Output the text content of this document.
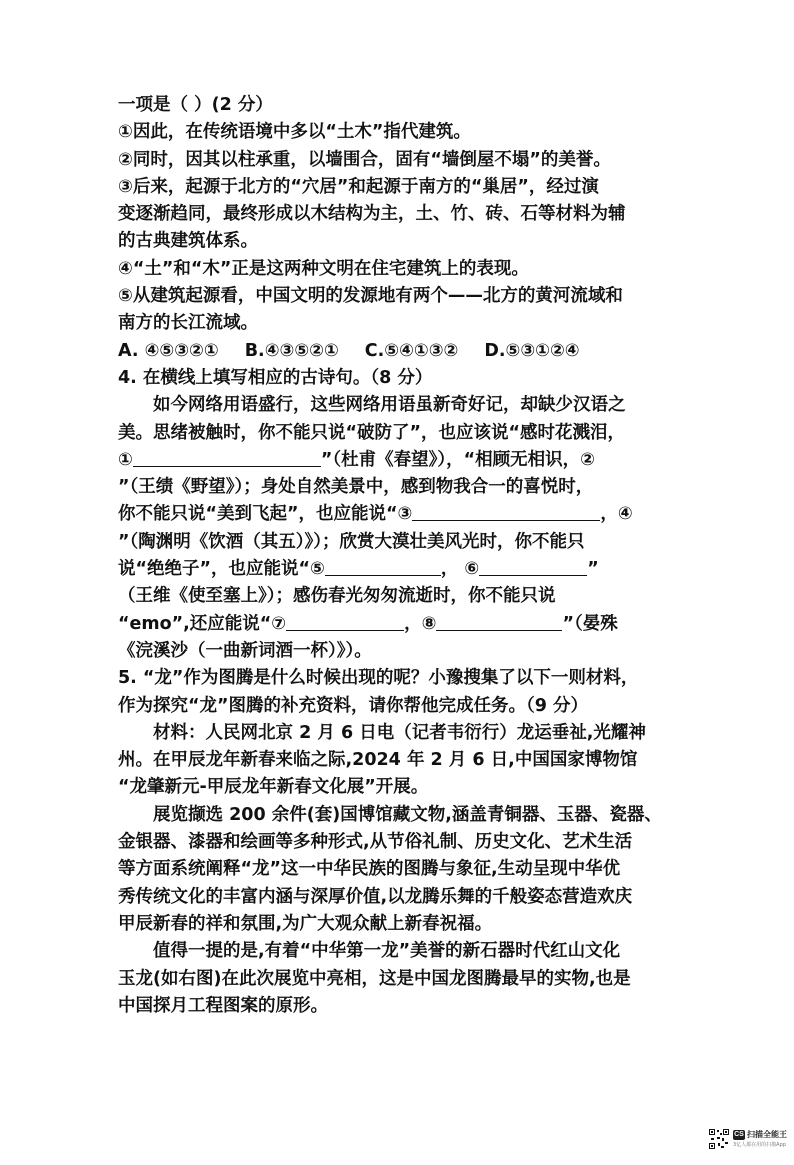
一项是（ ）(2 分）
①因此，在传统语境中多以“土木”指代建筑。
②同时，因其以柱承重，以墙围合，固有“墙倒屋不塌”的美誉。
③后来，起源于北方的“穴居”和起源于南方的“巢居”，经过演
变逐渐趋同，最终形成以木结构为主，土、竹、砖、石等材料为辅
的古典建筑体系。
④“土”和“木”正是这两种文明在住宅建筑上的表现。
⑤从建筑起源看，中国文明的发源地有两个——北方的黄河流域和
南方的长江流域。
A. ④⑤③②① B.④③⑤②① C.⑤④①③② D.⑤③①②④
4. 在横线上填写相应的古诗句。（8 分）
如今网络用语盛行，这些网络用语虽新奇好记，却缺少汉语之
美。思绪被触时，你不能只说“破防了”，也应该说“感时花溅泪，
①	”（杜甫《春望》），“相顾无相识，②
”（王绩《野望》）；身处自然美景中，感到物我合一的喜悦时，
你不能只说“美到飞起”，也应能说“③	，④
”（陶渊明《饮酒（其五）》）；欣赏大漠壮美风光时，你不能只
说“绝绝子”，也应能说“⑤	， ⑥	”
（王维《使至塞上》）；感伤春光匆匆流逝时，你不能只说
“emo”,还应能说“⑦	，⑧	”（晏殊
《浣溪沙（一曲新词酒一杯）》）。
5. “龙”作为图腾是什么时候出现的呢？小豫搜集了以下一则材料，
作为探究“龙”图腾的补充资料，请你帮他完成任务。（9 分）
材料：人民网北京 2 月 6 日电（记者韦衍行）龙运垂祉,光耀神
州。在甲辰龙年新春来临之际,2024 年 2 月 6 日,中国国家博物馆
“龙肇新元-甲辰龙年新春文化展”开展。
展览撷选 200 余件(套)国博馆藏文物,涵盖青铜器、玉器、瓷器、
金银器、漆器和绘画等多种形式,从节俗礼制、历史文化、艺术生活
等方面系统阐释“龙”这一中华民族的图腾与象征,生动呈现中华优
秀传统文化的丰富内涵与深厚价值,以龙腾乐舞的千般姿态营造欢庆
甲辰新春的祥和氛围,为广大观众献上新春祝福。
值得一提的是,有着“中华第一龙”美誉的新石器时代红山文化
玉龙(如右图)在此次展览中亮相，这是中国龙图腾最早的实物,也是
中国探月工程图案的原形。
CS 扫描全能王
3亿人都在用的扫描App
